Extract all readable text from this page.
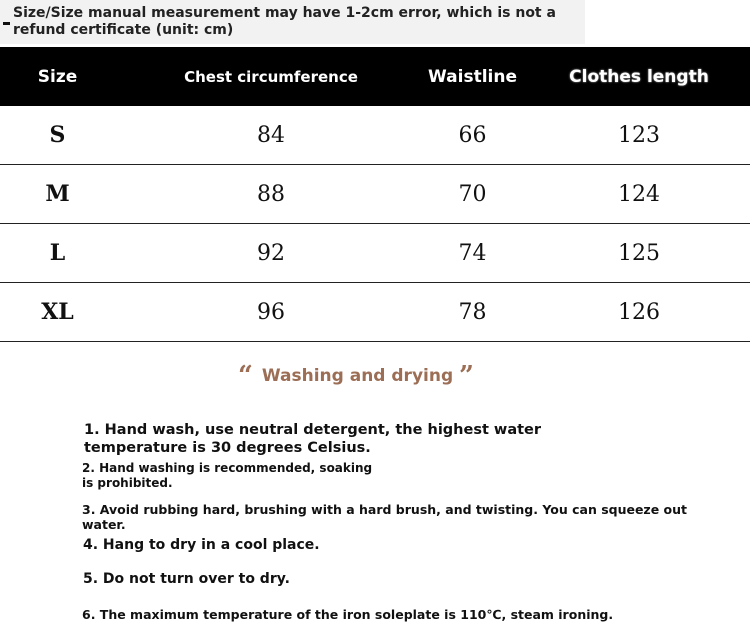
Size/Size manual measurement may have 1-2cm error, which is not a refund certificate (unit: cm)
Size	Chest circumference	Waistline	Clothes length
S	84	66	123
M	88	70	124
L	92	74	125
XL	96	78	126
“ Washing and drying ”
1. Hand wash, use neutral detergent, the highest water temperature is 30 degrees Celsius.
2. Hand washing is recommended, soaking is prohibited.
3. Avoid rubbing hard, brushing with a hard brush, and twisting. You can squeeze out water.
4. Hang to dry in a cool place.
5. Do not turn over to dry.
6. The maximum temperature of the iron soleplate is 110℃, steam ironing.
